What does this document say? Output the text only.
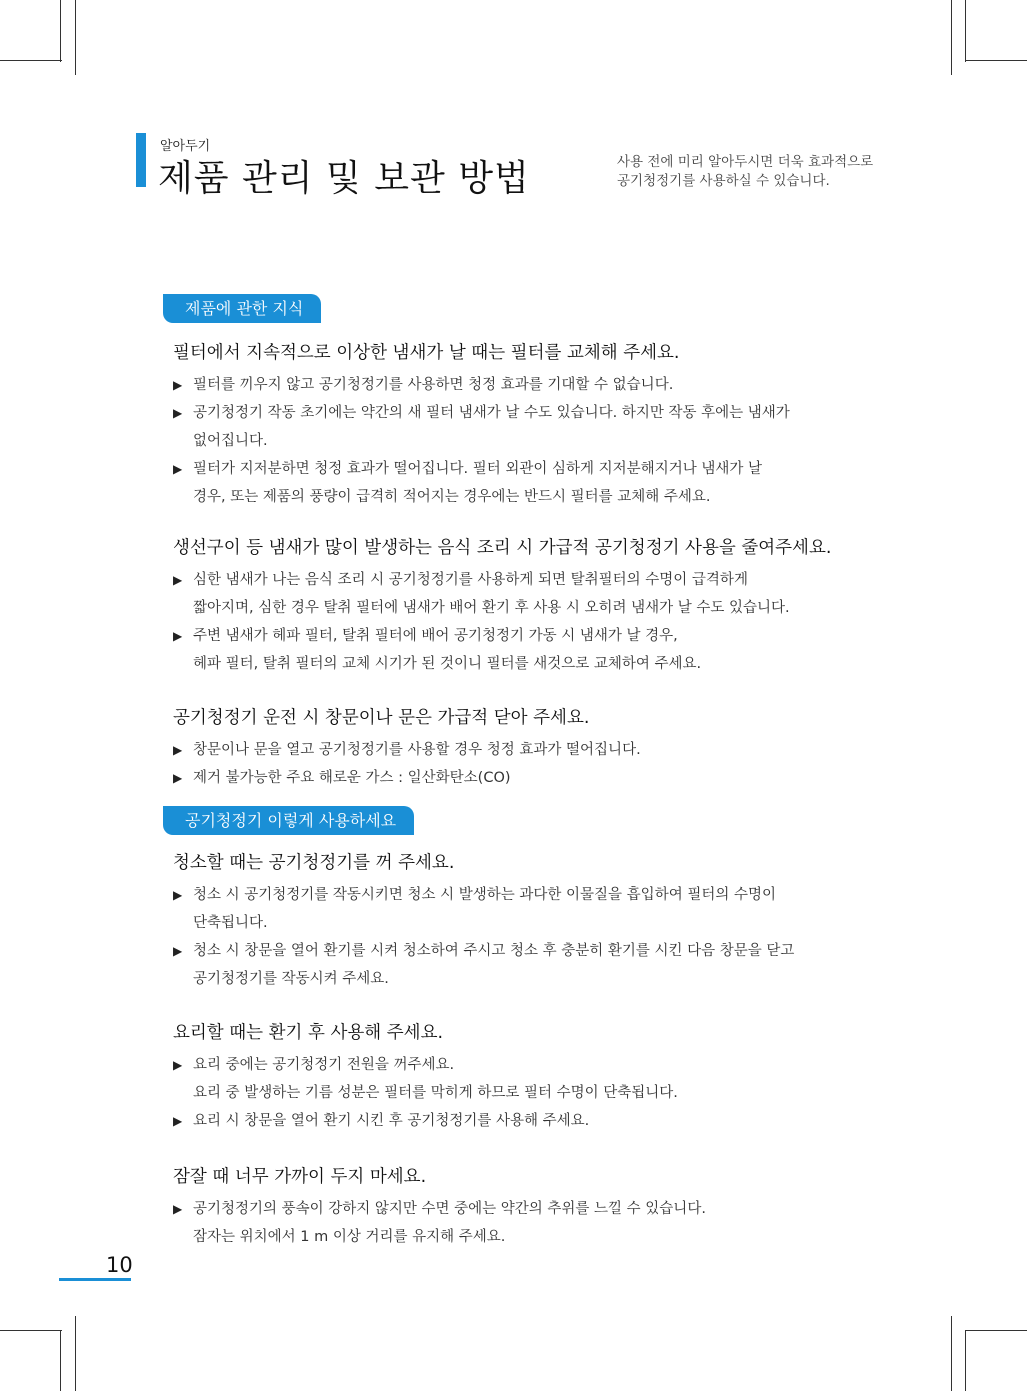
알아두기
제품 관리 및 보관 방법	사용 전에 미리 알아두시면 더욱 효과적으로
공기청정기를 사용하실 수 있습니다.
제품에 관한 지식
필터에서 지속적으로 이상한 냄새가 날 때는 필터를 교체해 주세요.
▶ 필터를 끼우지 않고 공기청정기를 사용하면 청정 효과를 기대할 수 없습니다.
▶ 공기청정기 작동 초기에는 약간의 새 필터 냄새가 날 수도 있습니다. 하지만 작동 후에는 냄새가
없어집니다.
▶ 필터가 지저분하면 청정 효과가 떨어집니다. 필터 외관이 심하게 지저분해지거나 냄새가 날
경우, 또는 제품의 풍량이 급격히 적어지는 경우에는 반드시 필터를 교체해 주세요.
생선구이 등 냄새가 많이 발생하는 음식 조리 시 가급적 공기청정기 사용을 줄여주세요.
▶ 심한 냄새가 나는 음식 조리 시 공기청정기를 사용하게 되면 탈취필터의 수명이 급격하게
짧아지며, 심한 경우 탈취 필터에 냄새가 배어 환기 후 사용 시 오히려 냄새가 날 수도 있습니다.
▶ 주변 냄새가 헤파 필터, 탈취 필터에 배어 공기청정기 가동 시 냄새가 날 경우,
헤파 필터, 탈취 필터의 교체 시기가 된 것이니 필터를 새것으로 교체하여 주세요.
공기청정기 운전 시 창문이나 문은 가급적 닫아 주세요.
▶ 창문이나 문을 열고 공기청정기를 사용할 경우 청정 효과가 떨어집니다.
▶ 제거 불가능한 주요 해로운 가스 : 일산화탄소(CO)
공기청정기 이렇게 사용하세요
청소할 때는 공기청정기를 꺼 주세요.
▶ 청소 시 공기청정기를 작동시키면 청소 시 발생하는 과다한 이물질을 흡입하여 필터의 수명이
단축됩니다.
▶ 청소 시 창문을 열어 환기를 시켜 청소하여 주시고 청소 후 충분히 환기를 시킨 다음 창문을 닫고
공기청정기를 작동시켜 주세요.
요리할 때는 환기 후 사용해 주세요.
▶ 요리 중에는 공기청정기 전원을 꺼주세요.
요리 중 발생하는 기름 성분은 필터를 막히게 하므로 필터 수명이 단축됩니다.
▶ 요리 시 창문을 열어 환기 시킨 후 공기청정기를 사용해 주세요.
잠잘 때 너무 가까이 두지 마세요.
▶ 공기청정기의 풍속이 강하지 않지만 수면 중에는 약간의 추위를 느낄 수 있습니다.
잠자는 위치에서 1 m 이상 거리를 유지해 주세요.
10
